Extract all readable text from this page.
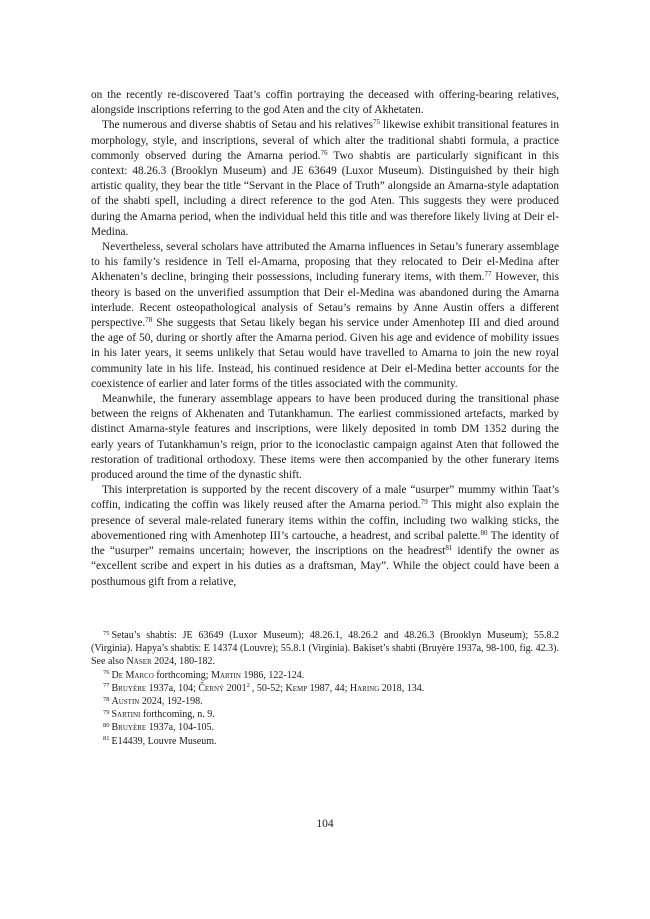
on the recently re-discovered Taat’s coffin portraying the deceased with offering-bearing relatives, alongside inscriptions referring to the god Aten and the city of Akhetaten.

The numerous and diverse shabtis of Setau and his relatives$^{75}$ likewise exhibit transitional features in morphology, style, and inscriptions, several of which alter the traditional shabti formula, a practice commonly observed during the Amarna period.$^{76}$ Two shabtis are particularly significant in this context: 48.26.3 (Brooklyn Museum) and JE 63649 (Luxor Museum). Distinguished by their high artistic quality, they bear the title “Servant in the Place of Truth” alongside an Amarna-style adaptation of the shabti spell, including a direct reference to the god Aten. This suggests they were produced during the Amarna period, when the individual held this title and was therefore likely living at Deir el-Medina.

Nevertheless, several scholars have attributed the Amarna influences in Setau’s funerary assemblage to his family’s residence in Tell el-Amarna, proposing that they relocated to Deir el-Medina after Akhenaten’s decline, bringing their possessions, including funerary items, with them.$^{77}$ However, this theory is based on the unverified assumption that Deir el-Medina was abandoned during the Amarna interlude. Recent osteopathological analysis of Setau’s remains by Anne Austin offers a different perspective.$^{78}$ She suggests that Setau likely began his service under Amenhotep III and died around the age of 50, during or shortly after the Amarna period. Given his age and evidence of mobility issues in his later years, it seems unlikely that Setau would have travelled to Amarna to join the new royal community late in his life. Instead, his continued residence at Deir el-Medina better accounts for the coexistence of earlier and later forms of the titles associated with the community.

Meanwhile, the funerary assemblage appears to have been produced during the transitional phase between the reigns of Akhenaten and Tutankhamun. The earliest commissioned artefacts, marked by distinct Amarna-style features and inscriptions, were likely deposited in tomb DM 1352 during the early years of Tutankhamun’s reign, prior to the iconoclastic campaign against Aten that followed the restoration of traditional orthodoxy. These items were then accompanied by the other funerary items produced around the time of the dynastic shift.

This interpretation is supported by the recent discovery of a male “usurper” mummy within Taat’s coffin, indicating the coffin was likely reused after the Amarna period.$^{79}$ This might also explain the presence of several male-related funerary items within the coffin, including two walking sticks, the abovementioned ring with Amenhotep III’s cartouche, a headrest, and scribal palette.$^{80}$ The identity of the “usurper” remains uncertain; however, the inscriptions on the headrest$^{81}$ identify the owner as “excellent scribe and expert in his duties as a draftsman, May”. While the object could have been a posthumous gift from a relative,

$^{75}$ Setau’s shabtis: JE 63649 (Luxor Museum); 48.26.1, 48.26.2 and 48.26.3 (Brooklyn Museum); 55.8.2 (Virginia). Hapya’s shabtis: E 14374 (Louvre); 55.8.1 (Virginia). Bakiset’s shabti (Bruyère 1937a, 98-100, fig. 42.3). See also Näser 2024, 180-182.

$^{76}$ De Marco forthcoming; Martin 1986, 122-124.

$^{77}$ Bruyère 1937a, 104; Černý 2001$^2$ , 50-52; Kemp 1987, 44; Haring 2018, 134.

$^{78}$ Austin 2024, 192-198.

$^{79}$ Sartini forthcoming, n. 9.

$^{80}$ Bruyère 1937a, 104-105.

$^{81}$ E14439, Louvre Museum.

104
